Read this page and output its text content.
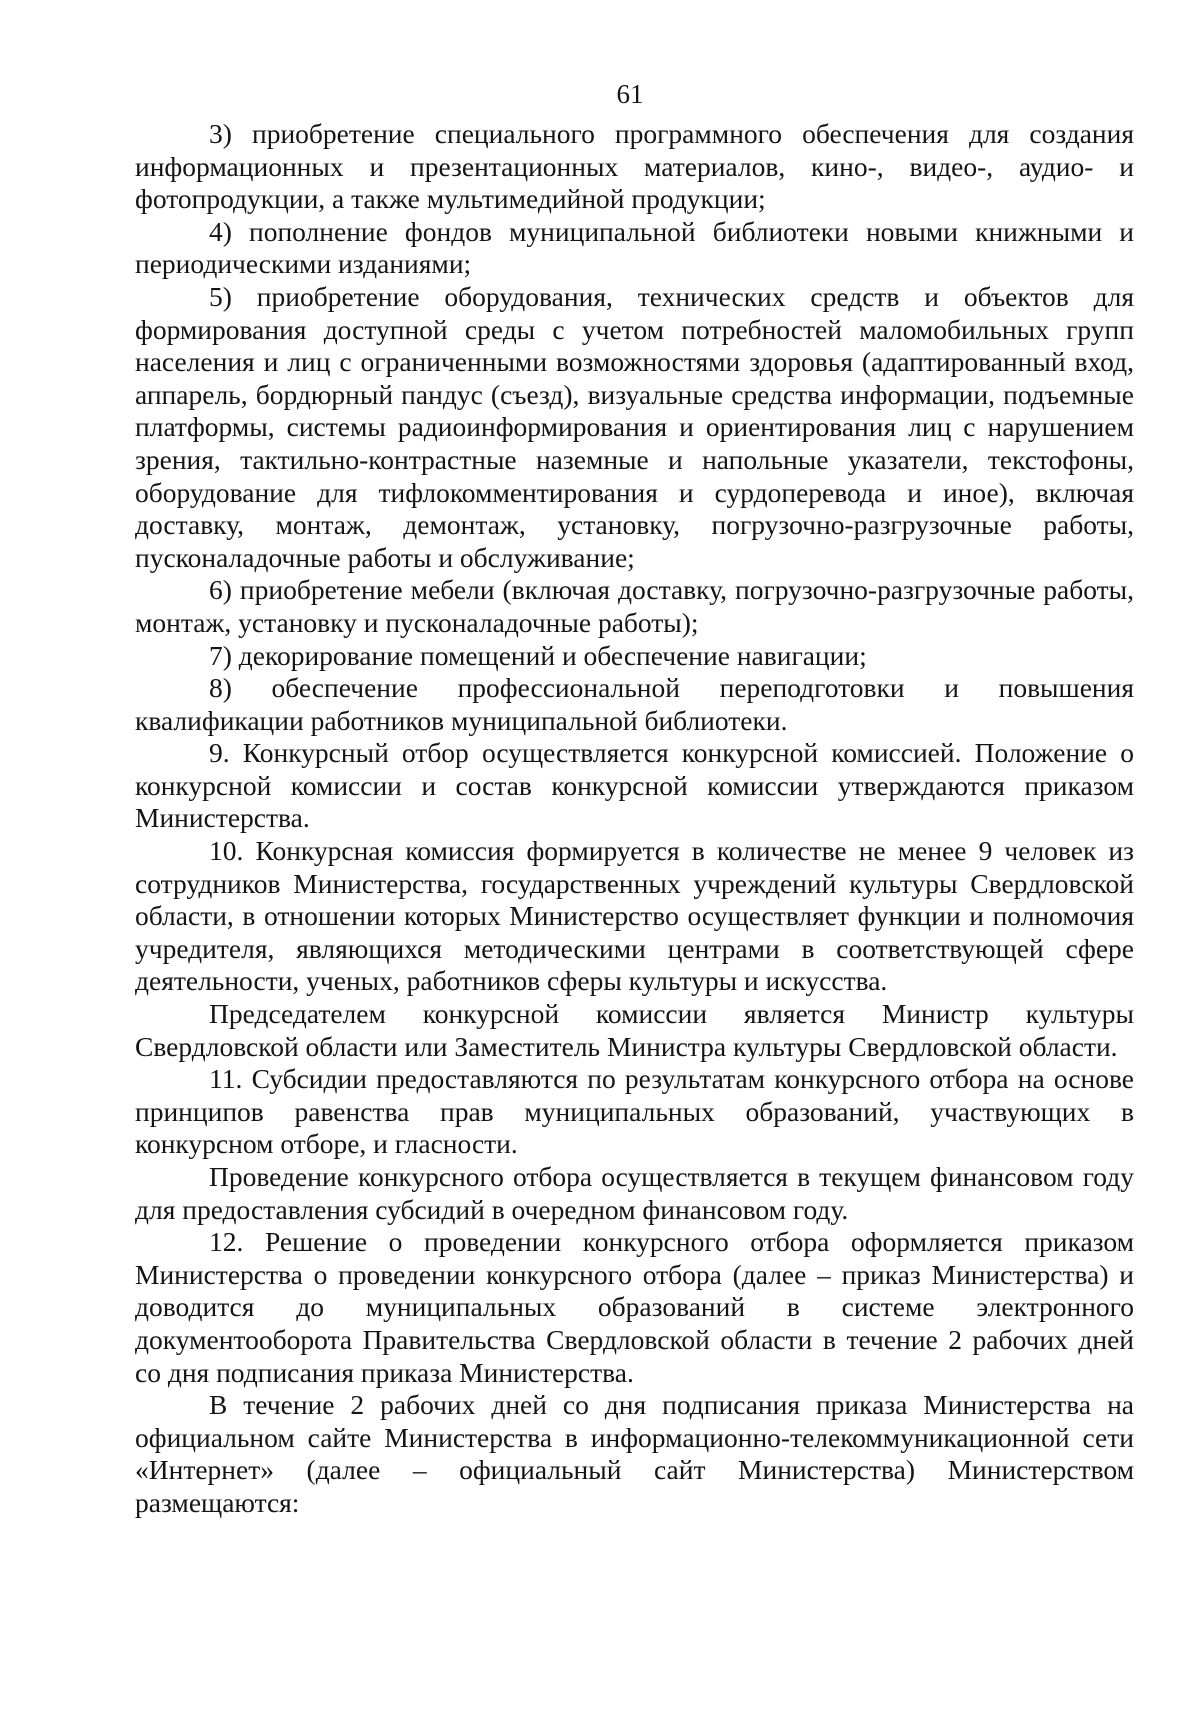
61

3) приобретение специального программного обеспечения для создания информационных и презентационных материалов, кино-, видео-, аудио- и фотопродукции, а также мультимедийной продукции;

4) пополнение фондов муниципальной библиотеки новыми книжными и периодическими изданиями;

5) приобретение оборудования, технических средств и объектов для формирования доступной среды с учетом потребностей маломобильных групп населения и лиц с ограниченными возможностями здоровья (адаптированный вход, аппарель, бордюрный пандус (съезд), визуальные средства информации, подъемные платформы, системы радиоинформирования и ориентирования лиц с нарушением зрения, тактильно-контрастные наземные и напольные указатели, текстофоны, оборудование для тифлокомментирования и сурдоперевода и иное), включая доставку, монтаж, демонтаж, установку, погрузочно-разгрузочные работы, пусконаладочные работы и обслуживание;

6) приобретение мебели (включая доставку, погрузочно-разгрузочные работы, монтаж, установку и пусконаладочные работы);

7) декорирование помещений и обеспечение навигации;

8) обеспечение профессиональной переподготовки и повышения квалификации работников муниципальной библиотеки.

9. Конкурсный отбор осуществляется конкурсной комиссией. Положение о конкурсной комиссии и состав конкурсной комиссии утверждаются приказом Министерства.

10. Конкурсная комиссия формируется в количестве не менее 9 человек из сотрудников Министерства, государственных учреждений культуры Свердловской области, в отношении которых Министерство осуществляет функции и полномочия учредителя, являющихся методическими центрами в соответствующей сфере деятельности, ученых, работников сферы культуры и искусства.

Председателем конкурсной комиссии является Министр культуры Свердловской области или Заместитель Министра культуры Свердловской области.

11. Субсидии предоставляются по результатам конкурсного отбора на основе принципов равенства прав муниципальных образований, участвующих в конкурсном отборе, и гласности.

Проведение конкурсного отбора осуществляется в текущем финансовом году для предоставления субсидий в очередном финансовом году.

12. Решение о проведении конкурсного отбора оформляется приказом Министерства о проведении конкурсного отбора (далее – приказ Министерства) и доводится до муниципальных образований в системе электронного документооборота Правительства Свердловской области в течение 2 рабочих дней со дня подписания приказа Министерства.

В течение 2 рабочих дней со дня подписания приказа Министерства на официальном сайте Министерства в информационно-телекоммуникационной сети «Интернет» (далее – официальный сайт Министерства) Министерством размещаются:
